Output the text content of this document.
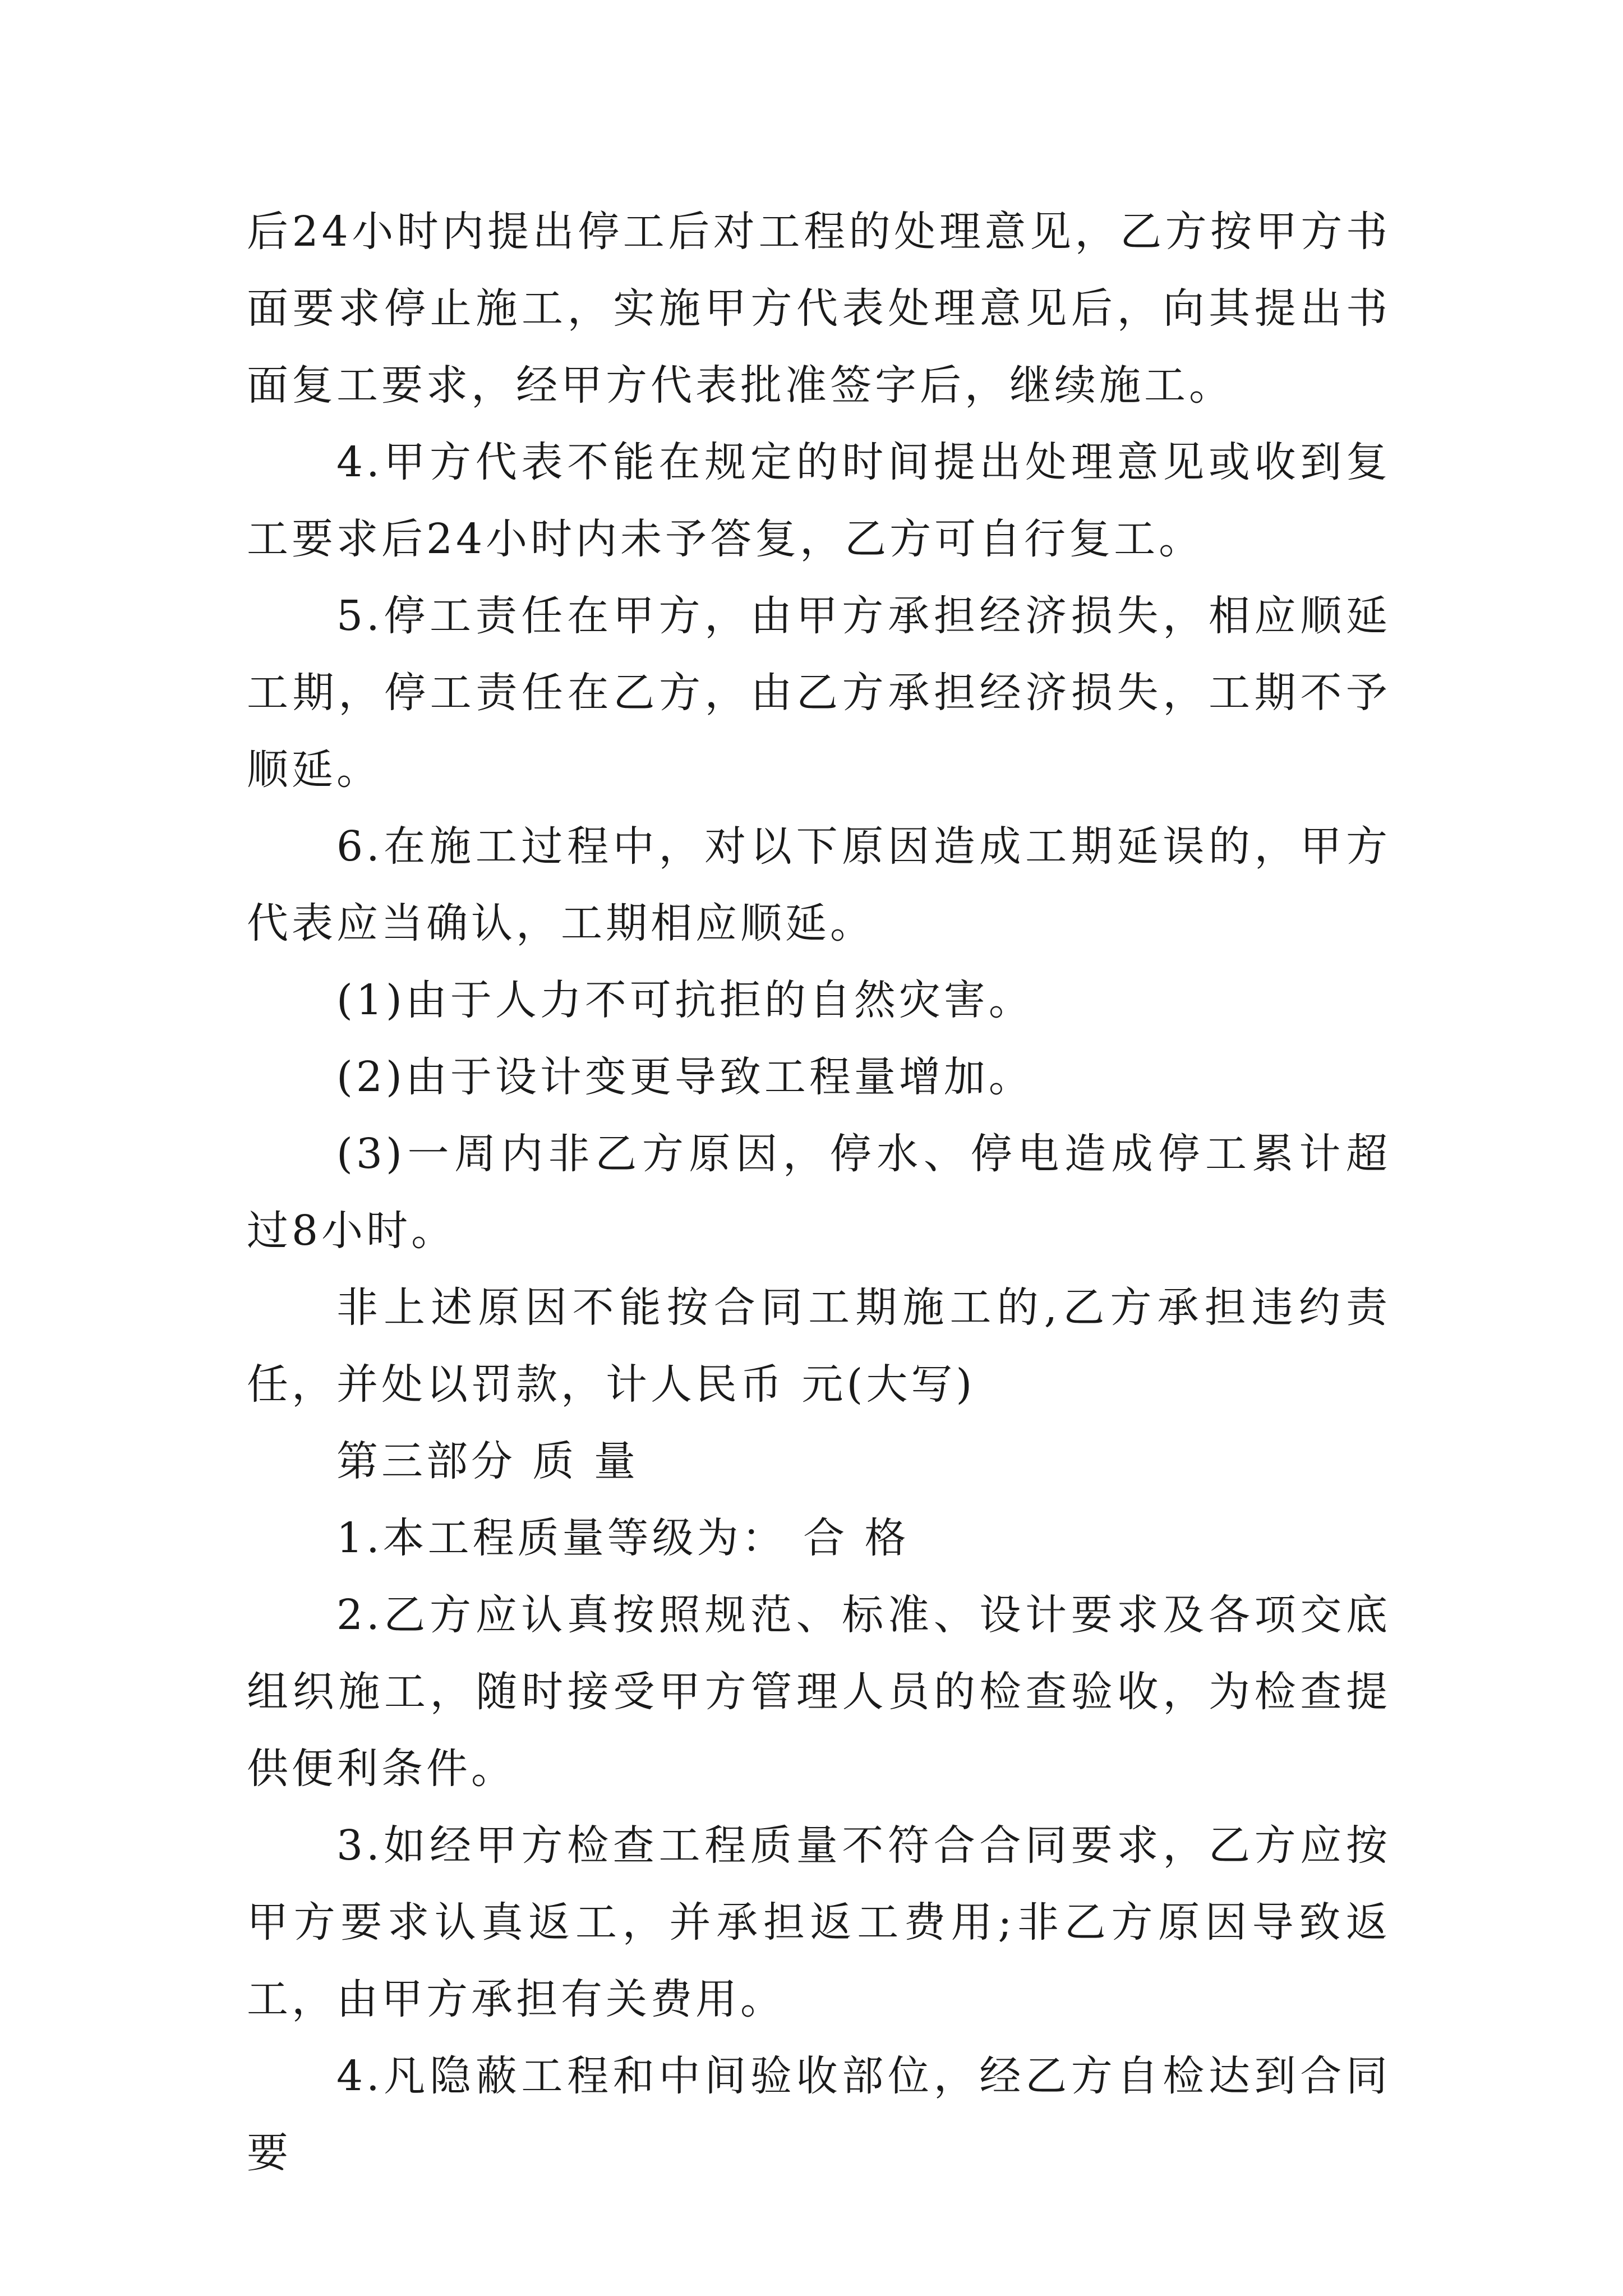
后24小时内提出停工后对工程的处理意见，乙方按甲方书面要求停止施工，实施甲方代表处理意见后，向其提出书面复工要求，经甲方代表批准签字后，继续施工。

4.甲方代表不能在规定的时间提出处理意见或收到复工要求后24小时内未予答复，乙方可自行复工。

5.停工责任在甲方，由甲方承担经济损失，相应顺延工期，停工责任在乙方，由乙方承担经济损失，工期不予顺延。

6.在施工过程中，对以下原因造成工期延误的，甲方代表应当确认，工期相应顺延。

(1)由于人力不可抗拒的自然灾害。

(2)由于设计变更导致工程量增加。

(3)一周内非乙方原因，停水、停电造成停工累计超过8小时。

非上述原因不能按合同工期施工的,乙方承担违约责任，并处以罚款，计人民币 元(大写)

第三部分 质 量

1.本工程质量等级为： 合 格

2.乙方应认真按照规范、标准、设计要求及各项交底组织施工，随时接受甲方管理人员的检查验收，为检查提供便利条件。

3.如经甲方检查工程质量不符合合同要求，乙方应按甲方要求认真返工，并承担返工费用;非乙方原因导致返工，由甲方承担有关费用。

4.凡隐蔽工程和中间验收部位，经乙方自检达到合同要
